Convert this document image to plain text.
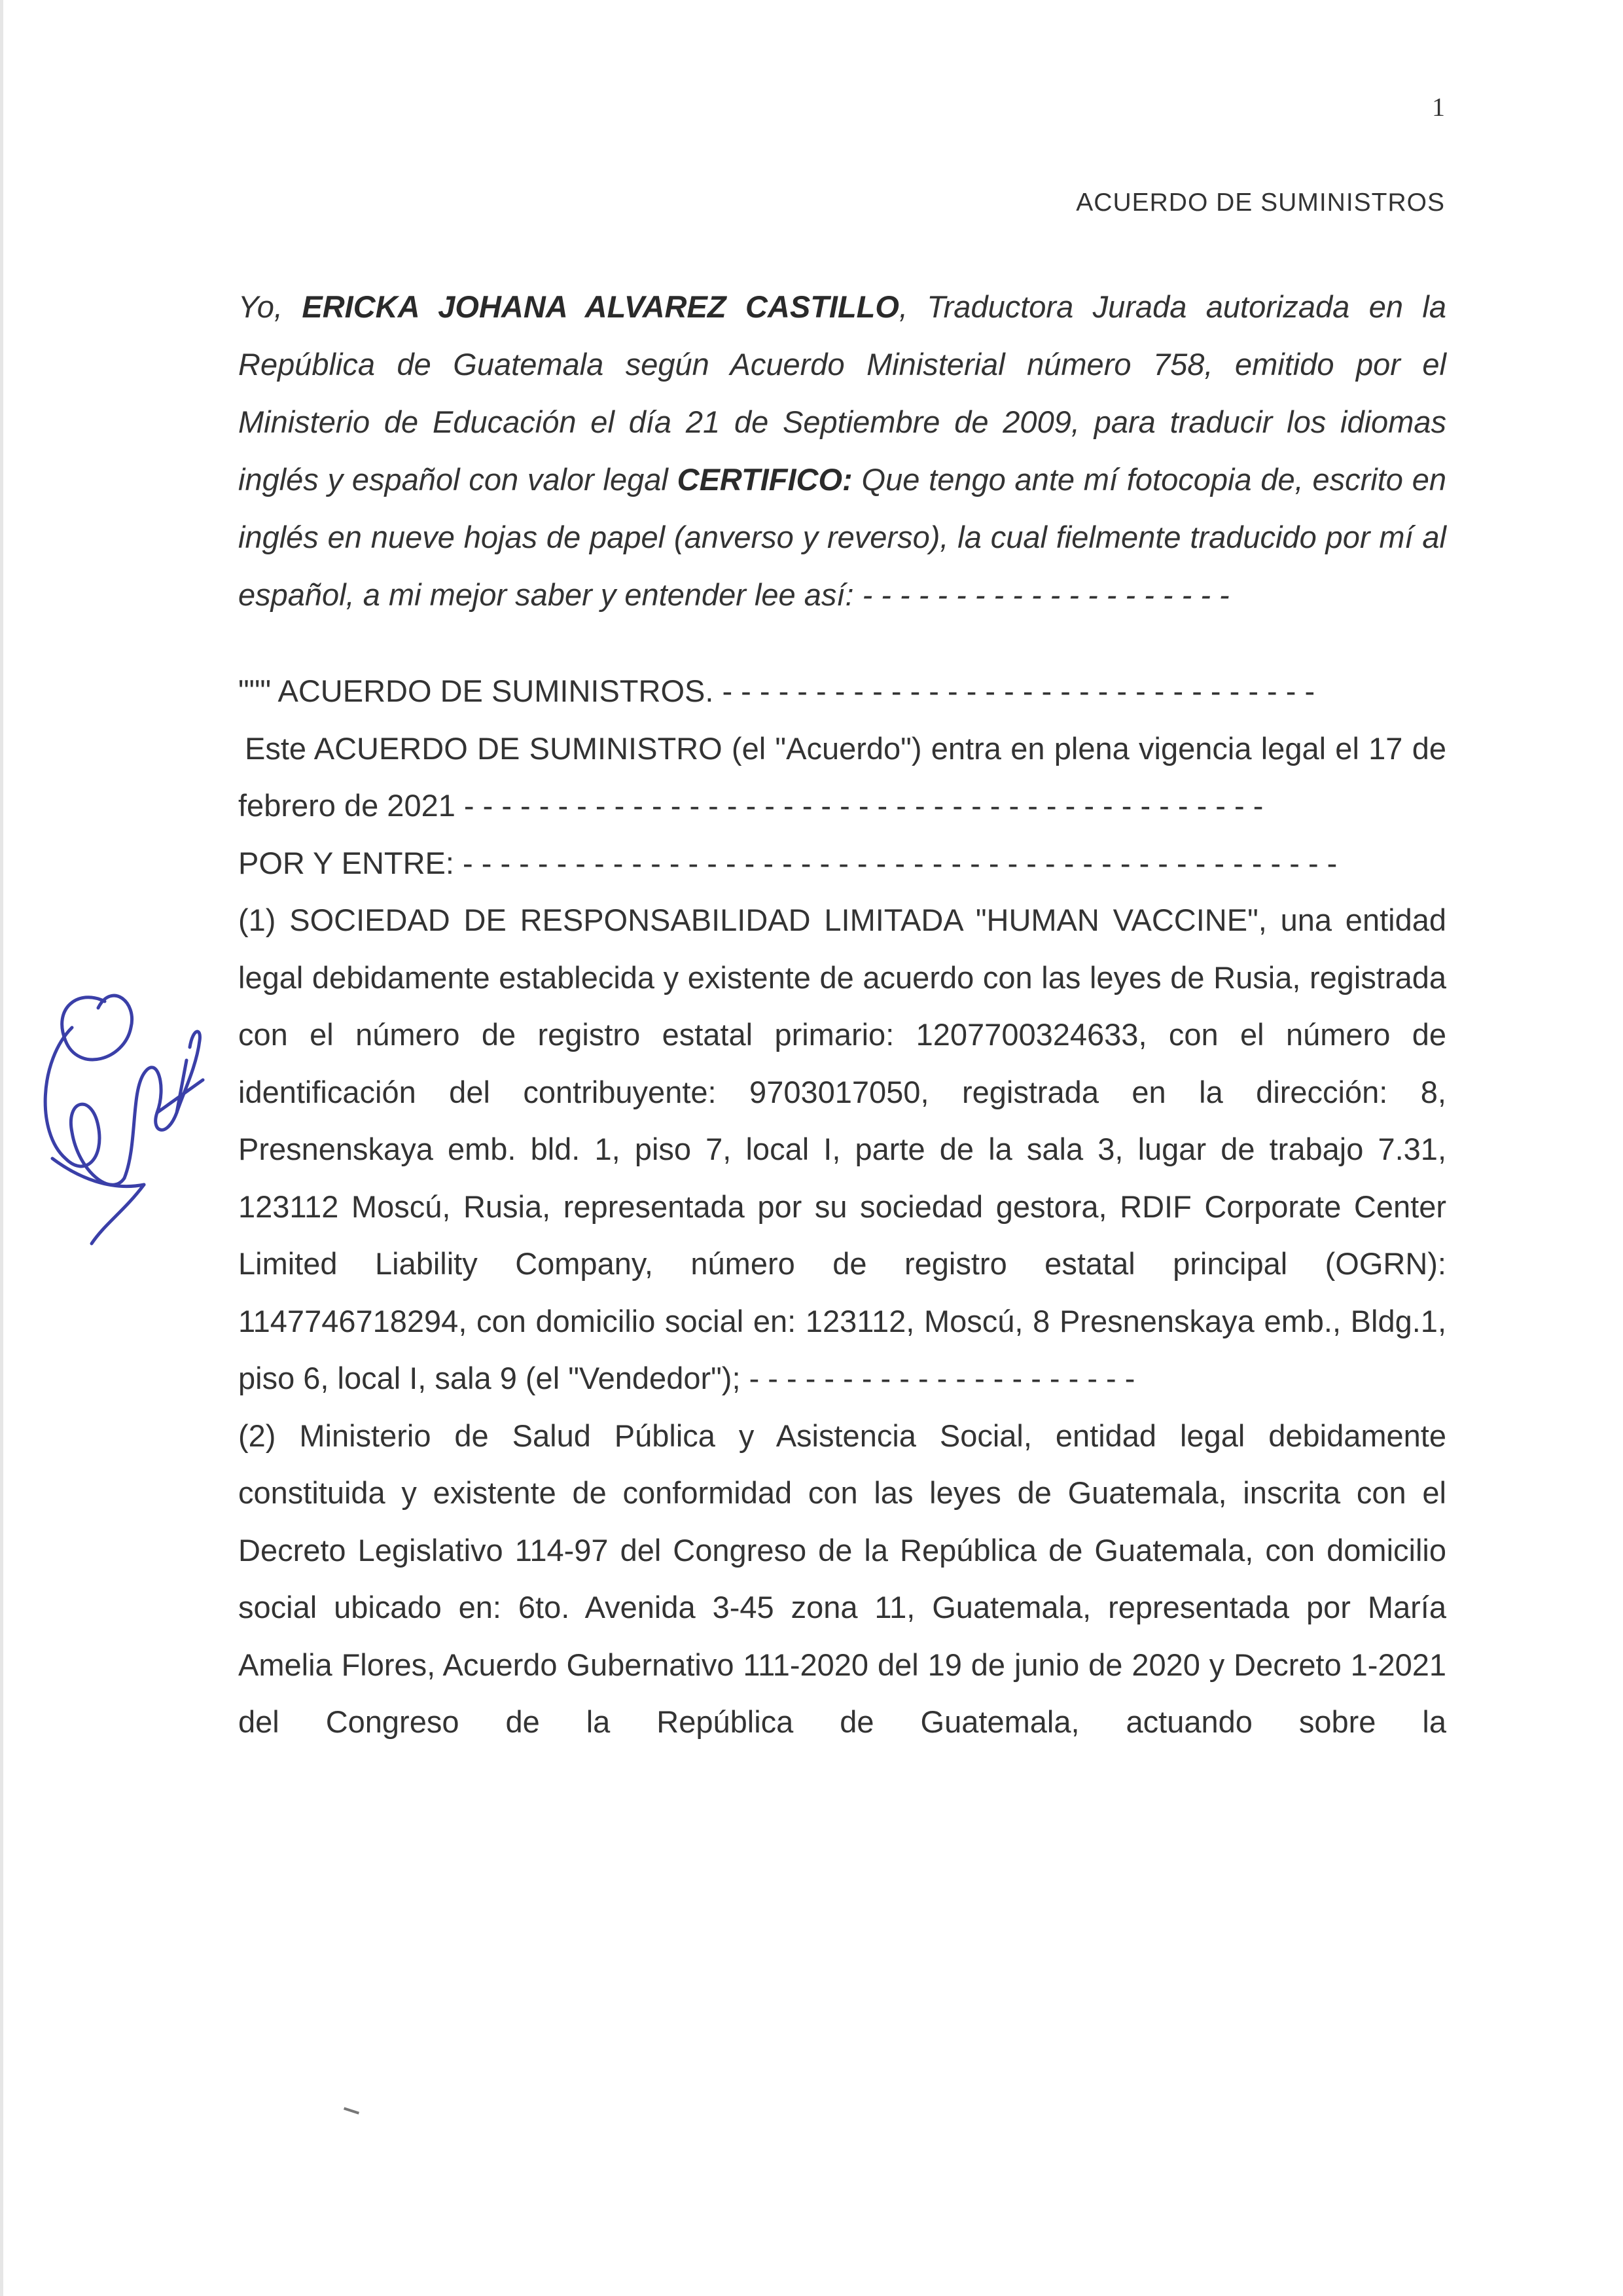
1
ACUERDO DE SUMINISTROS
Yo, ERICKA JOHANA ALVAREZ CASTILLO, Traductora Jurada autorizada en la República de Guatemala según Acuerdo Ministerial número 758, emitido por el Ministerio de Educación el día 21 de Septiembre de 2009, para traducir los idiomas inglés y español con valor legal CERTIFICO: Que tengo ante mí fotocopia de, escrito en inglés en nueve hojas de papel (anverso y reverso), la cual fielmente traducido por mí al español, a mi mejor saber y entender lee así: - - - - - - - - - - - - - - - - - - - -

""" ACUERDO DE SUMINISTROS. - - - - - - - - - - - - - - - - - - - - - - - - - - - - - - - -

Este ACUERDO DE SUMINISTRO (el "Acuerdo") entra en plena vigencia legal el 17 de febrero de 2021 - - - - - - - - - - - - - - - - - - - - - - - - - - - - - - - - - - - - - - - - - - -

POR Y ENTRE: - - - - - - - - - - - - - - - - - - - - - - - - - - - - - - - - - - - - - - - - - - - - - - -

(1) SOCIEDAD DE RESPONSABILIDAD LIMITADA "HUMAN VACCINE", una entidad legal debidamente establecida y existente de acuerdo con las leyes de Rusia, registrada con el número de registro estatal primario: 1207700324633, con el número de identificación del contribuyente: 9703017050, registrada en la dirección: 8, Presnenskaya emb. bld. 1, piso 7, local I, parte de la sala 3, lugar de trabajo 7.31, 123112 Moscú, Rusia, representada por su sociedad gestora, RDIF Corporate Center Limited Liability Company, número de registro estatal principal (OGRN): 1147746718294, con domicilio social en: 123112, Moscú, 8 Presnenskaya emb., Bldg.1, piso 6, local I, sala 9 (el "Vendedor"); - - - - - - - - - - - - - - - - - - - - -

(2) Ministerio de Salud Pública y Asistencia Social, entidad legal debidamente constituida y existente de conformidad con las leyes de Guatemala, inscrita con el Decreto Legislativo 114-97 del Congreso de la República de Guatemala, con domicilio social ubicado en: 6to. Avenida 3-45 zona 11, Guatemala, representada por María Amelia Flores, Acuerdo Gubernativo 111-2020 del 19 de junio de 2020 y Decreto 1-2021 del Congreso de la República de Guatemala, actuando sobre la
